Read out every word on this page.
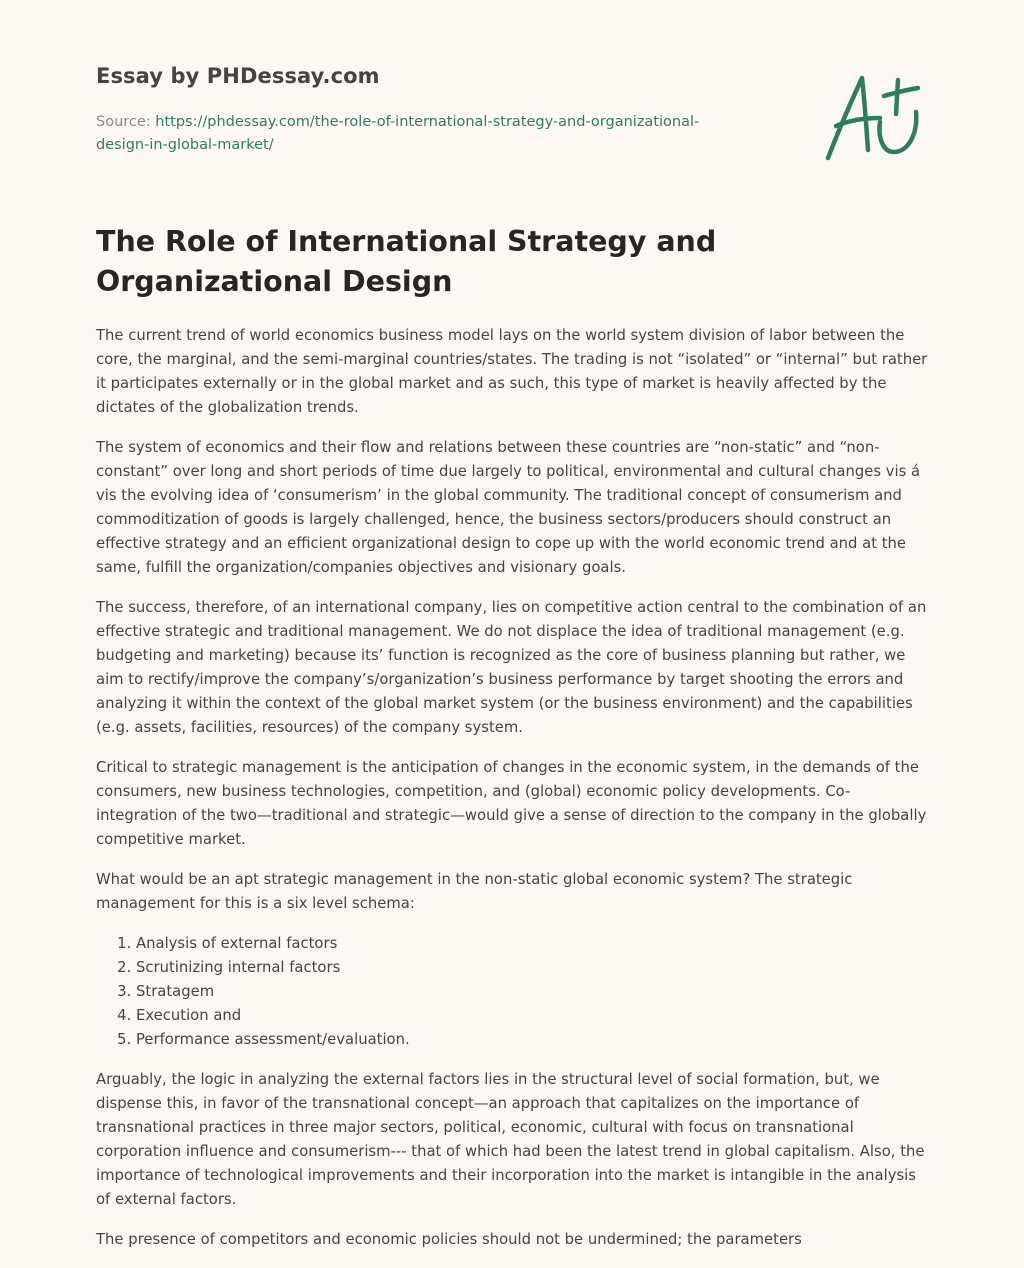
Essay by PHDessay.com
Source: https://phdessay.com/the-role-of-international-strategy-and-organizational-
design-in-global-market/
The Role of International Strategy and Organizational Design

The current trend of world economics business model lays on the world system division of labor between the core, the marginal, and the semi-marginal countries/states. The trading is not “isolated” or “internal” but rather it participates externally or in the global market and as such, this type of market is heavily affected by the dictates of the globalization trends.

The system of economics and their flow and relations between these countries are “non-static” and “non-constant” over long and short periods of time due largely to political, environmental and cultural changes vis á vis the evolving idea of ‘consumerism’ in the global community. The traditional concept of consumerism and commoditization of goods is largely challenged, hence, the business sectors/producers should construct an effective strategy and an efficient organizational design to cope up with the world economic trend and at the same, fulfill the organization/companies objectives and visionary goals.

The success, therefore, of an international company, lies on competitive action central to the combination of an effective strategic and traditional management. We do not displace the idea of traditional management (e.g. budgeting and marketing) because its’ function is recognized as the core of business planning but rather, we aim to rectify/improve the company’s/organization’s business performance by target shooting the errors and analyzing it within the context of the global market system (or the business environment) and the capabilities (e.g. assets, facilities, resources) of the company system.

Critical to strategic management is the anticipation of changes in the economic system, in the demands of the consumers, new business technologies, competition, and (global) economic policy developments. Co-integration of the two—traditional and strategic—would give a sense of direction to the company in the globally competitive market.

What would be an apt strategic management in the non-static global economic system? The strategic management for this is a six level schema:

1. Analysis of external factors
2. Scrutinizing internal factors
3. Stratagem
4. Execution and
5. Performance assessment/evaluation.

Arguably, the logic in analyzing the external factors lies in the structural level of social formation, but, we dispense this, in favor of the transnational concept—an approach that capitalizes on the importance of transnational practices in three major sectors, political, economic, cultural with focus on transnational corporation influence and consumerism--- that of which had been the latest trend in global capitalism. Also, the importance of technological improvements and their incorporation into the market is intangible in the analysis of external factors.

The presence of competitors and economic policies should not be undermined; the parameters
